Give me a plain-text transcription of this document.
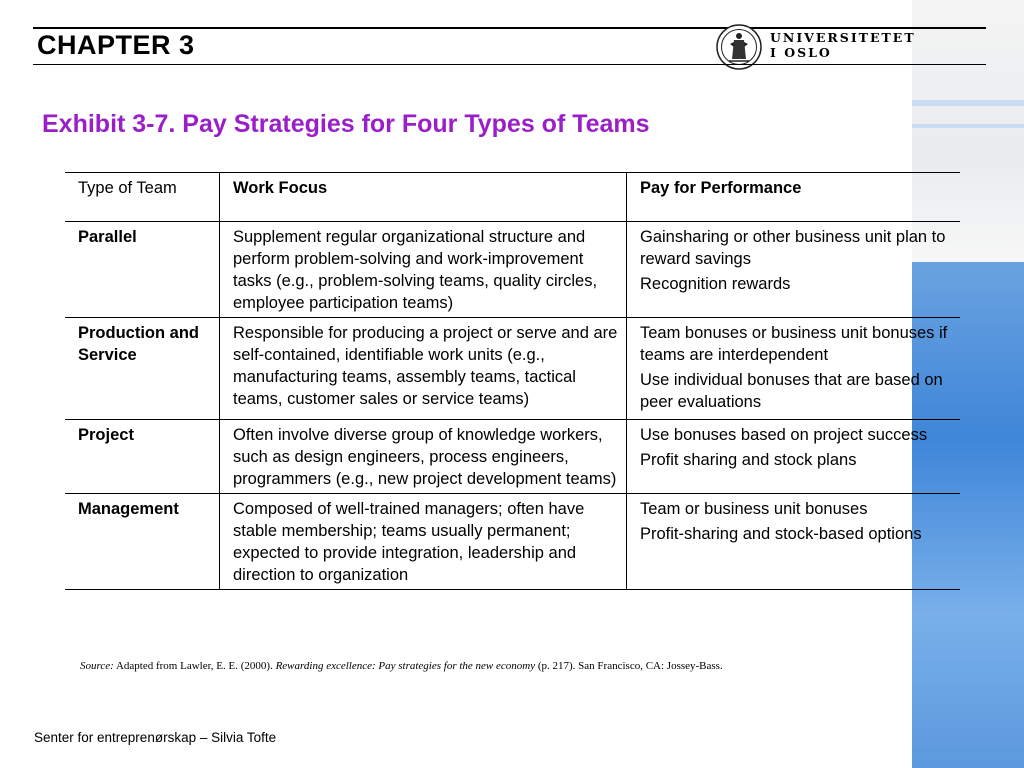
CHAPTER 3	UNIVERSITETET
I OSLO
Exhibit 3-7. Pay Strategies for Four Types of Teams
Type of Team	Work Focus	Pay for Performance
Parallel	Supplement regular organizational structure and perform problem-solving and work-improvement tasks (e.g., problem-solving teams, quality circles, employee participation teams)	Gainsharing or other business unit plan to reward savings

Recognition rewards

Production and Service	Responsible for producing a project or serve and are self-contained, identifiable work units (e.g., manufacturing teams, assembly teams, tactical teams, customer sales or service teams)	Team bonuses or business unit bonuses if teams are interdependent

Use individual bonuses that are based on peer evaluations

Project	Often involve diverse group of knowledge workers, such as design engineers, process engineers, programmers (e.g., new project development teams)	Use bonuses based on project success

Profit sharing and stock plans

Management	Composed of well-trained managers; often have stable membership; teams usually permanent; expected to provide integration, leadership and direction to organization	Team or business unit bonuses

Profit-sharing and stock-based options

Source: Adapted from Lawler, E. E. (2000). Rewarding excellence: Pay strategies for the new economy (p. 217). San Francisco, CA: Jossey-Bass.
Senter for entreprenørskap – Silvia Tofte
